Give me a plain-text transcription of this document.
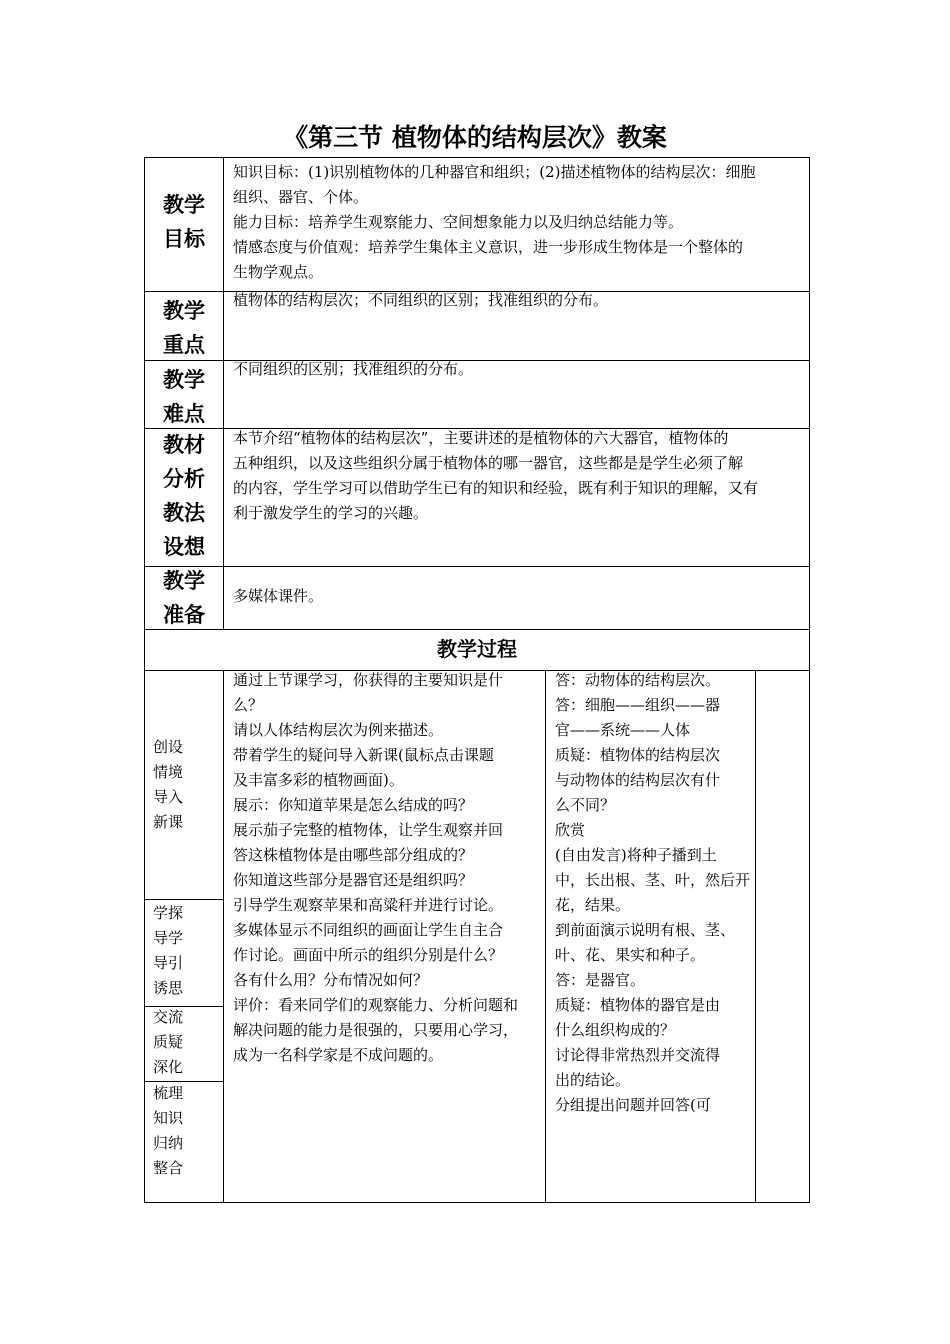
《第三节 植物体的结构层次》教案
教学
目标
知识目标：(1)识别植物体的几种器官和组织；(2)描述植物体的结构层次：细胞
组织、器官、个体。
能力目标：培养学生观察能力、空间想象能力以及归纳总结能力等。
情感态度与价值观：培养学生集体主义意识，进一步形成生物体是一个整体的
生物学观点。
教学
重点
植物体的结构层次；不同组织的区别；找准组织的分布。
教学
难点
不同组织的区别；找准组织的分布。
教材
分析
教法
设想
本节介绍“植物体的结构层次”，主要讲述的是植物体的六大器官，植物体的
五种组织，以及这些组织分属于植物体的哪一器官，这些都是是学生必须了解
的内容，学生学习可以借助学生已有的知识和经验，既有利于知识的理解，又有
利于激发学生的学习的兴趣。
教学
准备
多媒体课件。
教学过程
创设
情境
导入
新课
学探
导学
导引
诱思
交流
质疑
深化
梳理
知识
归纳
整合
通过上节课学习，你获得的主要知识是什
么？
请以人体结构层次为例来描述。
带着学生的疑问导入新课(鼠标点击课题
及丰富多彩的植物画面)。
展示：你知道苹果是怎么结成的吗？
展示茄子完整的植物体，让学生观察并回
答这株植物体是由哪些部分组成的？
你知道这些部分是器官还是组织吗？
引导学生观察苹果和高粱秆并进行讨论。
多媒体显示不同组织的画面让学生自主合
作讨论。画面中所示的组织分别是什么？
各有什么用？分布情况如何？
评价：看来同学们的观察能力、分析问题和
解决问题的能力是很强的，只要用心学习，
成为一名科学家是不成问题的。
答：动物体的结构层次。
答：细胞——组织——器
官——系统——人体
质疑：植物体的结构层次
与动物体的结构层次有什
么不同？
欣赏
(自由发言)将种子播到土
中，长出根、茎、叶，然后开
花，结果。
到前面演示说明有根、茎、
叶、花、果实和种子。
答：是器官。
质疑：植物体的器官是由
什么组织构成的？
讨论得非常热烈并交流得
出的结论。
分组提出问题并回答(可
